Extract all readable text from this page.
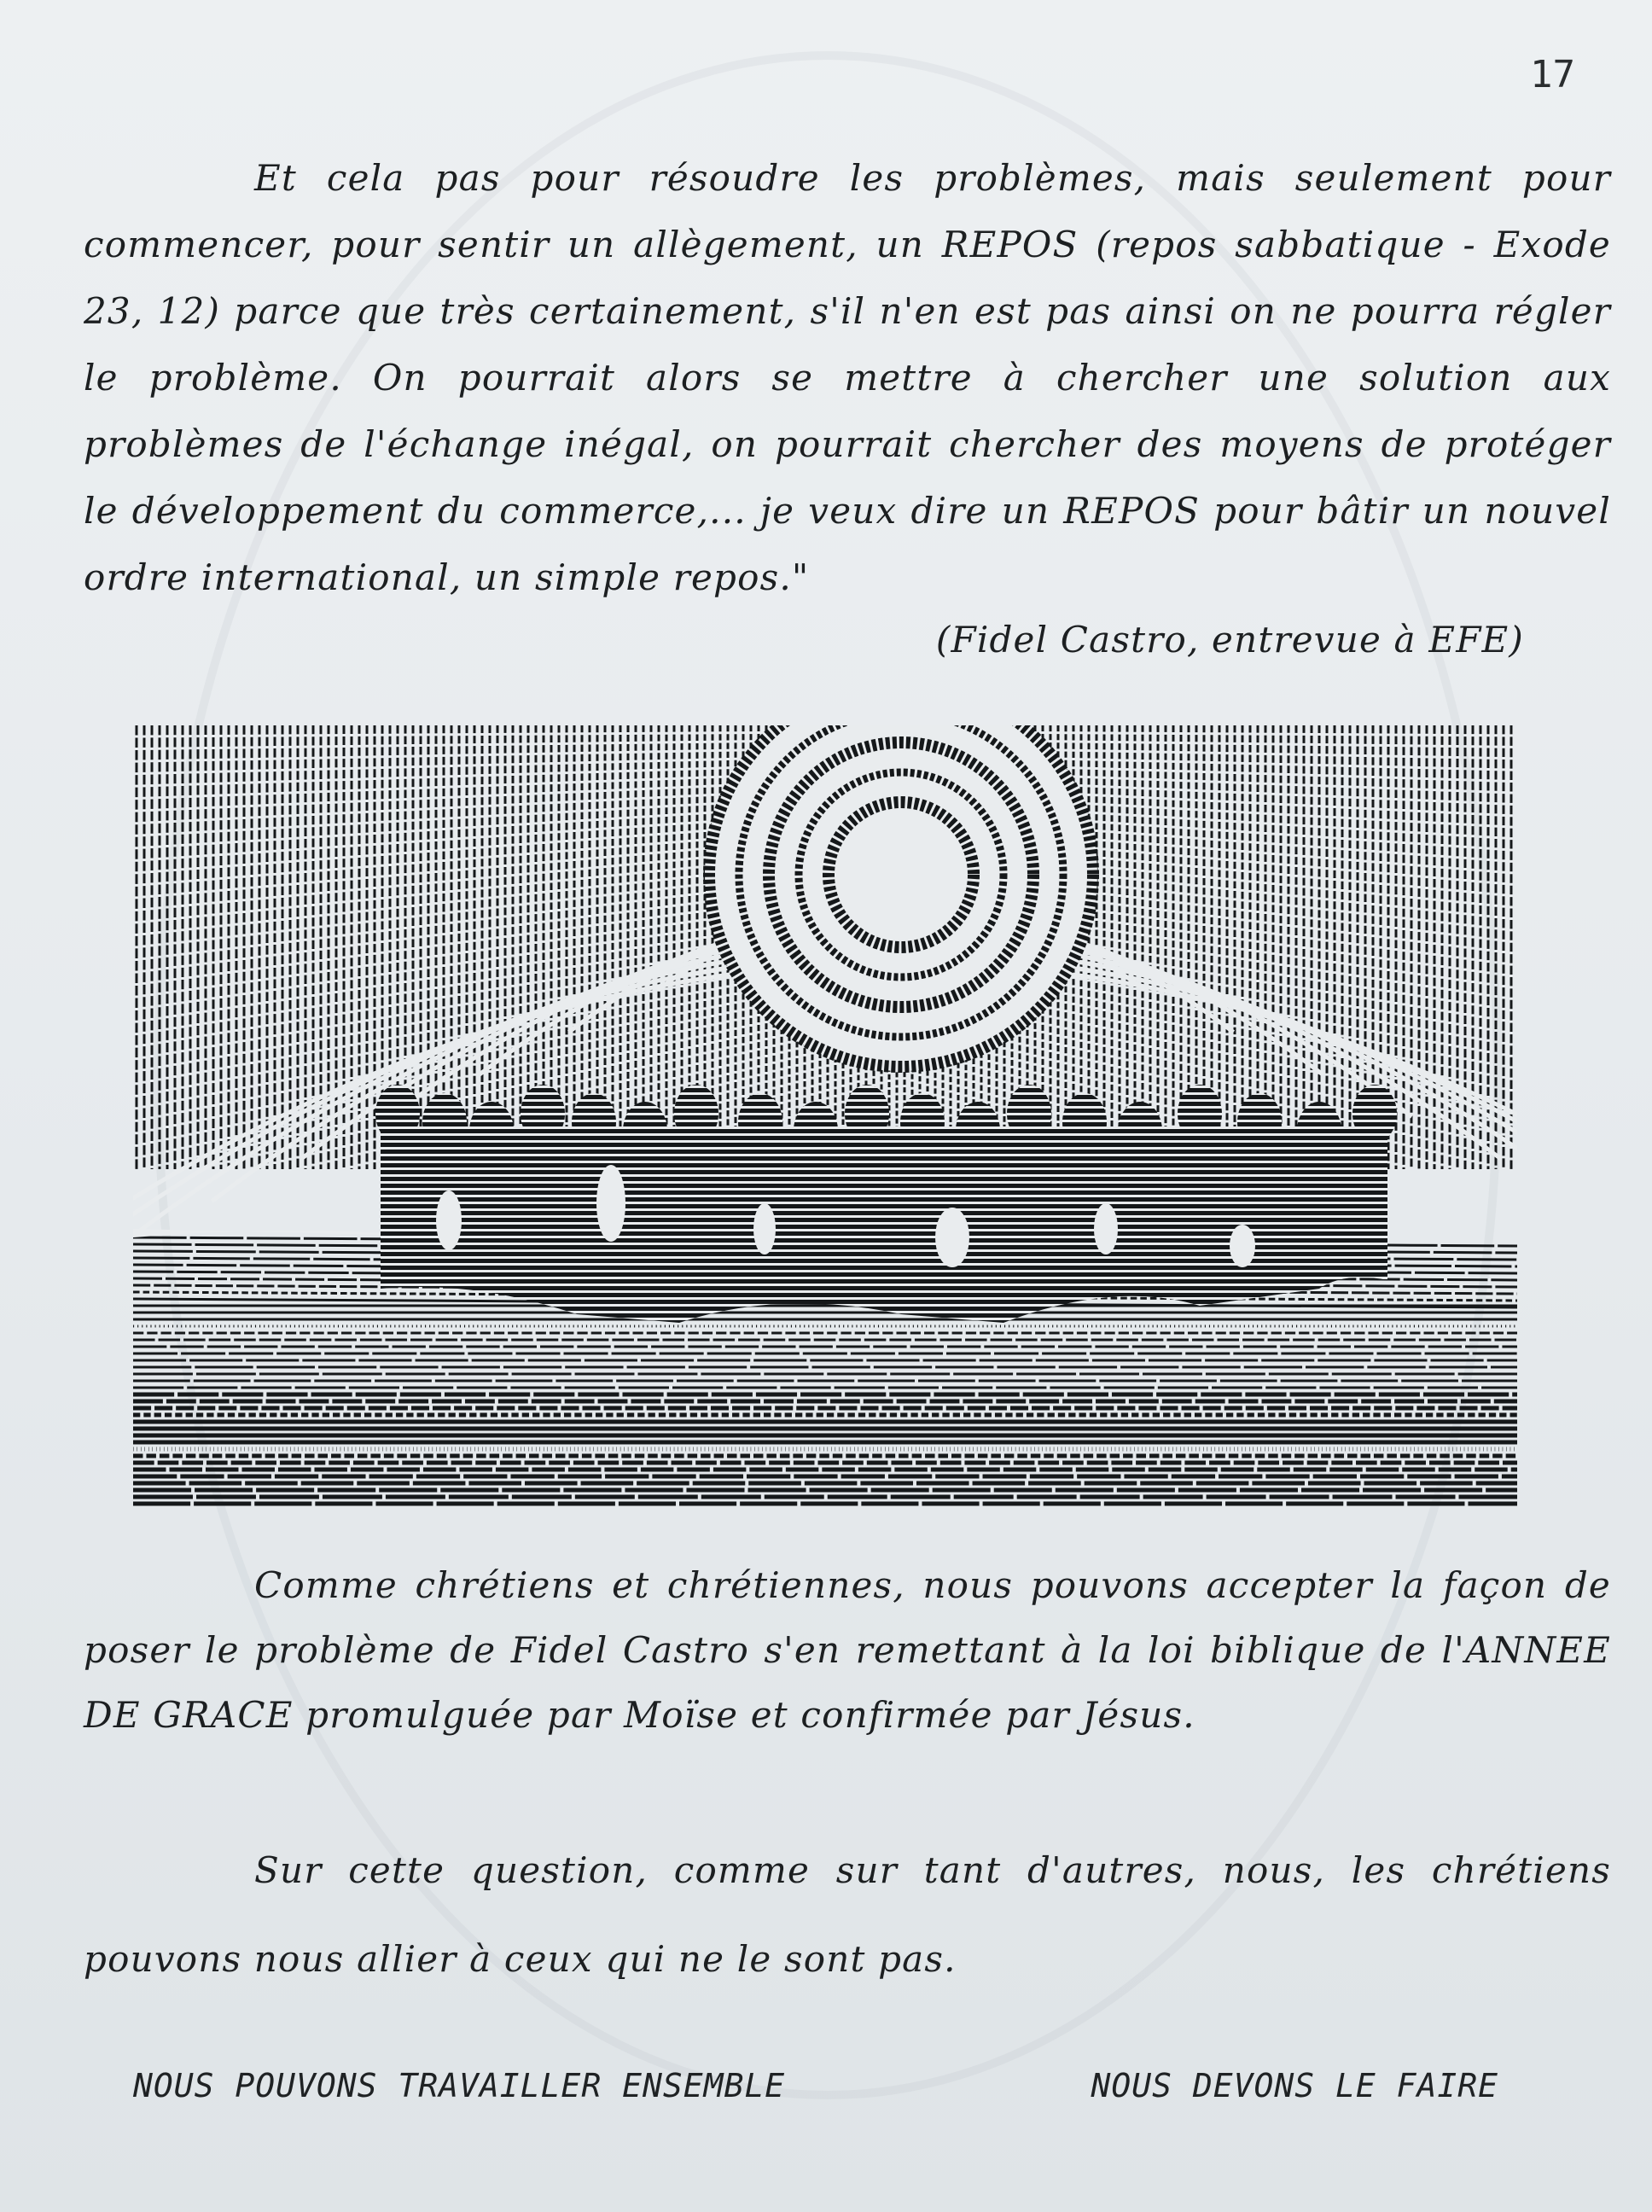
17

Et cela pas pour résoudre les problèmes, mais seulement pour commencer, pour sentir un allègement, un REPOS (repos sabbatique - Exode 23, 12) parce que très certainement, s'il n'en est pas ainsi on ne pourra régler le problème. On pourrait alors se mettre à chercher une solution aux problèmes de l'échange inégal, on pourrait chercher des moyens de protéger le développement du commerce,... je veux dire un REPOS pour bâtir un nouvel ordre international, un simple repos."

(Fidel Castro, entrevue à EFE)

Comme chrétiens et chrétiennes, nous pouvons accepter la façon de poser le problème de Fidel Castro s'en remettant à la loi biblique de l'ANNEE DE GRACE promulguée par Moïse et confirmée par Jésus.

Sur cette question, comme sur tant d'autres, nous, les chrétiens pouvons nous allier à ceux qui ne le sont pas.

NOUS POUVONS TRAVAILLER ENSEMBLE	NOUS DEVONS LE FAIRE
